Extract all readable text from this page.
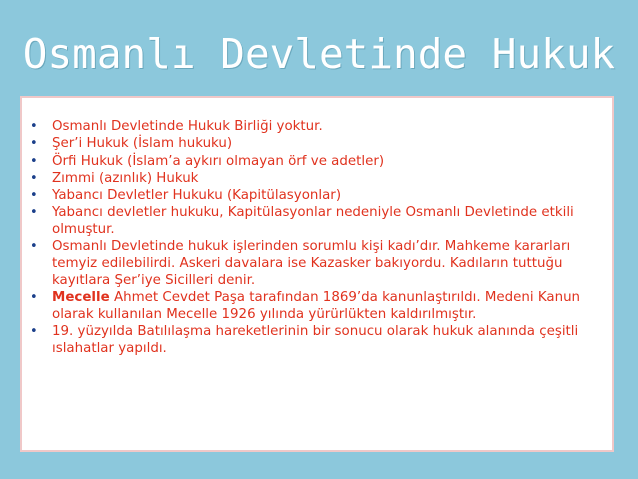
Osmanlı Devletinde Hukuk
• Osmanlı Devletinde Hukuk Birliği yoktur.
• Şer’i Hukuk (İslam hukuku)
• Örfi Hukuk (İslam’a aykırı olmayan örf ve adetler)
• Zımmi (azınlık) Hukuk
• Yabancı Devletler Hukuku (Kapitülasyonlar)
• Yabancı devletler hukuku, Kapitülasyonlar nedeniyle Osmanlı Devletinde etkili olmuştur.
• Osmanlı Devletinde hukuk işlerinden sorumlu kişi kadı’dır. Mahkeme kararları temyiz edilebilirdi. Askeri davalara ise Kazasker bakıyordu. Kadıların tuttuğu kayıtlara Şer’iye Sicilleri denir.
• Mecelle Ahmet Cevdet Paşa tarafından 1869’da kanunlaştırıldı. Medeni Kanun olarak kullanılan Mecelle 1926 yılında yürürlükten kaldırılmıştır.
• 19. yüzyılda Batılılaşma hareketlerinin bir sonucu olarak hukuk alanında çeşitli ıslahatlar yapıldı.
